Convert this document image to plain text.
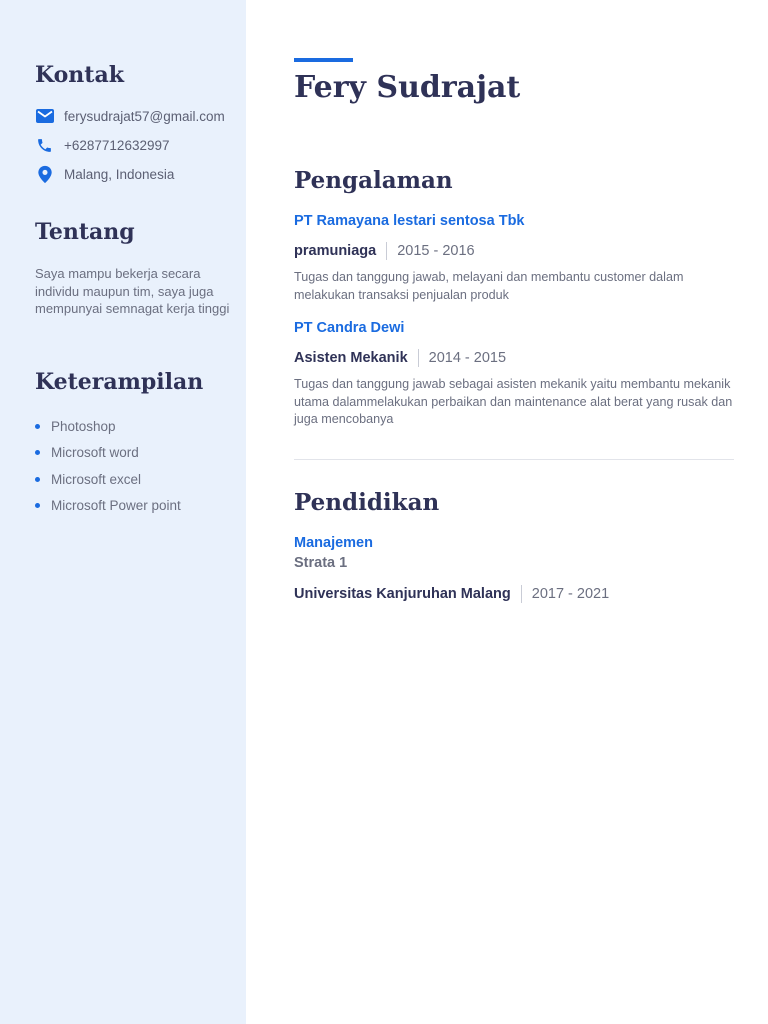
Kontak
ferysudrajat57@gmail.com
+6287712632997
Malang, Indonesia
Tentang

Saya mampu bekerja secara individu maupun tim, saya juga mempunyai semnagat kerja tinggi

Keterampilan
Photoshop
Microsoft word
Microsoft excel
Microsoft Power point
Fery Sudrajat
Pengalaman
PT Ramayana lestari sentosa Tbk
pramuniaga 2015 - 2016

Tugas dan tanggung jawab, melayani dan membantu customer dalam melakukan transaksi penjualan produk

PT Candra Dewi
Asisten Mekanik 2014 - 2015

Tugas dan tanggung jawab sebagai asisten mekanik yaitu membantu mekanik utama dalammelakukan perbaikan dan maintenance alat berat yang rusak dan juga mencobanya

Pendidikan
Manajemen
Strata 1
Universitas Kanjuruhan Malang 2017 - 2021
